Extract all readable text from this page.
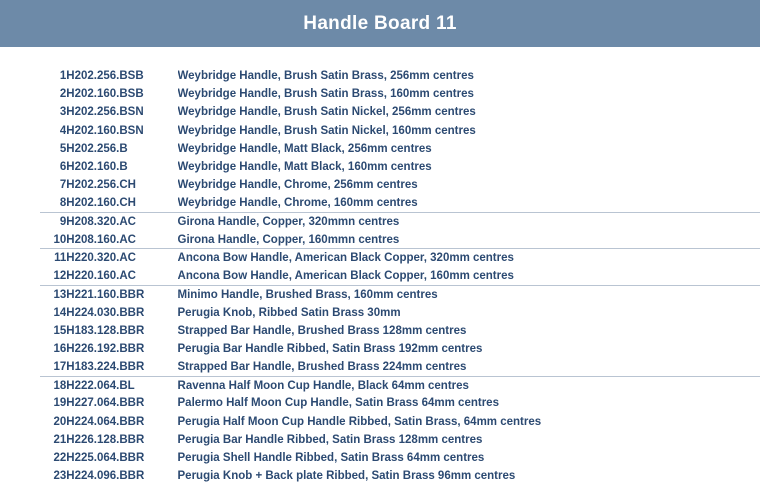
Handle Board 11
1	H202.256.BSB	Weybridge Handle, Brush Satin Brass, 256mm centres
2	H202.160.BSB	Weybridge Handle, Brush Satin Brass, 160mm centres
3	H202.256.BSN	Weybridge Handle, Brush Satin Nickel, 256mm centres
4	H202.160.BSN	Weybridge Handle, Brush Satin Nickel, 160mm centres
5	H202.256.B	Weybridge Handle, Matt Black, 256mm centres
6	H202.160.B	Weybridge Handle, Matt Black, 160mm centres
7	H202.256.CH	Weybridge Handle, Chrome, 256mm centres
8	H202.160.CH	Weybridge Handle, Chrome, 160mm centres
9	H208.320.AC	Girona Handle, Copper, 320mmn centres
10	H208.160.AC	Girona Handle, Copper, 160mmn centres
11	H220.320.AC	Ancona Bow Handle, American Black Copper, 320mm centres
12	H220.160.AC	Ancona Bow Handle, American Black Copper, 160mm centres
13	H221.160.BBR	Minimo Handle, Brushed Brass, 160mm centres
14	H224.030.BBR	Perugia Knob, Ribbed Satin Brass 30mm
15	H183.128.BBR	Strapped Bar Handle, Brushed Brass 128mm centres
16	H226.192.BBR	Perugia Bar Handle Ribbed, Satin Brass 192mm centres
17	H183.224.BBR	Strapped Bar Handle, Brushed Brass 224mm centres
18	H222.064.BL	Ravenna Half Moon Cup Handle, Black 64mm centres
19	H227.064.BBR	Palermo Half Moon Cup Handle, Satin Brass 64mm centres
20	H224.064.BBR	Perugia Half Moon Cup Handle Ribbed, Satin Brass, 64mm centres
21	H226.128.BBR	Perugia Bar Handle Ribbed, Satin Brass 128mm centres
22	H225.064.BBR	Perugia Shell Handle Ribbed, Satin Brass 64mm centres
23	H224.096.BBR	Perugia Knob + Back plate Ribbed, Satin Brass 96mm centres
